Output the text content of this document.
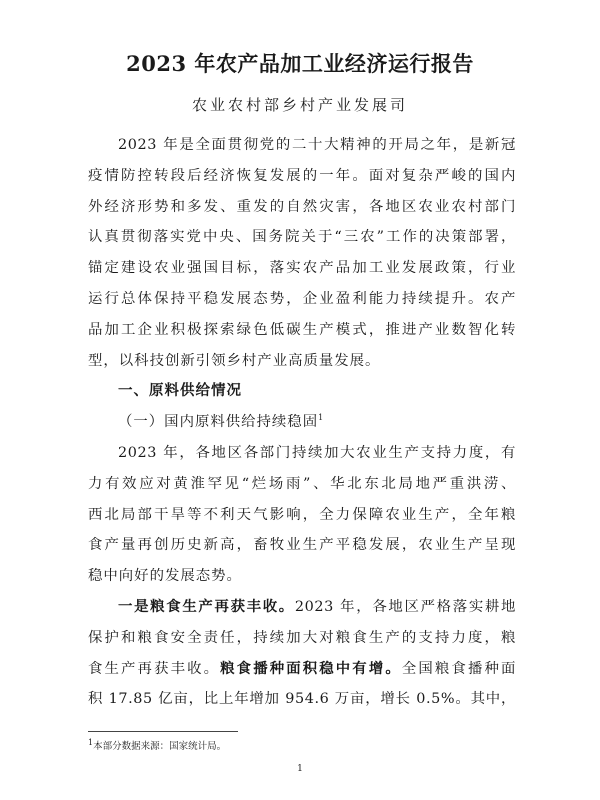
2023 年农产品加工业经济运行报告

农业农村部乡村产业发展司

2023 年是全面贯彻党的二十大精神的开局之年，是新冠
疫情防控转段后经济恢复发展的一年。面对复杂严峻的国内
外经济形势和多发、重发的自然灾害，各地区农业农村部门
认真贯彻落实党中央、国务院关于“三农”工作的决策部署，
锚定建设农业强国目标，落实农产品加工业发展政策，行业
运行总体保持平稳发展态势，企业盈利能力持续提升。农产
品加工企业积极探索绿色低碳生产模式，推进产业数智化转
型，以科技创新引领乡村产业高质量发展。
一、原料供给情况
（一）国内原料供给持续稳固$^1$
2023 年，各地区各部门持续加大农业生产支持力度，有
力有效应对黄淮罕见“烂场雨”、华北东北局地严重洪涝、
西北局部干旱等不利天气影响，全力保障农业生产，全年粮
食产量再创历史新高，畜牧业生产平稳发展，农业生产呈现
稳中向好的发展态势。
一是粮食生产再获丰收。2023 年，各地区严格落实耕地
保护和粮食安全责任，持续加大对粮食生产的支持力度，粮
食生产再获丰收。粮食播种面积稳中有增。全国粮食播种面
积 17.85 亿亩，比上年增加 954.6 万亩，增长 0.5%。其中，

$^1$本部分数据来源：国家统计局。

1
